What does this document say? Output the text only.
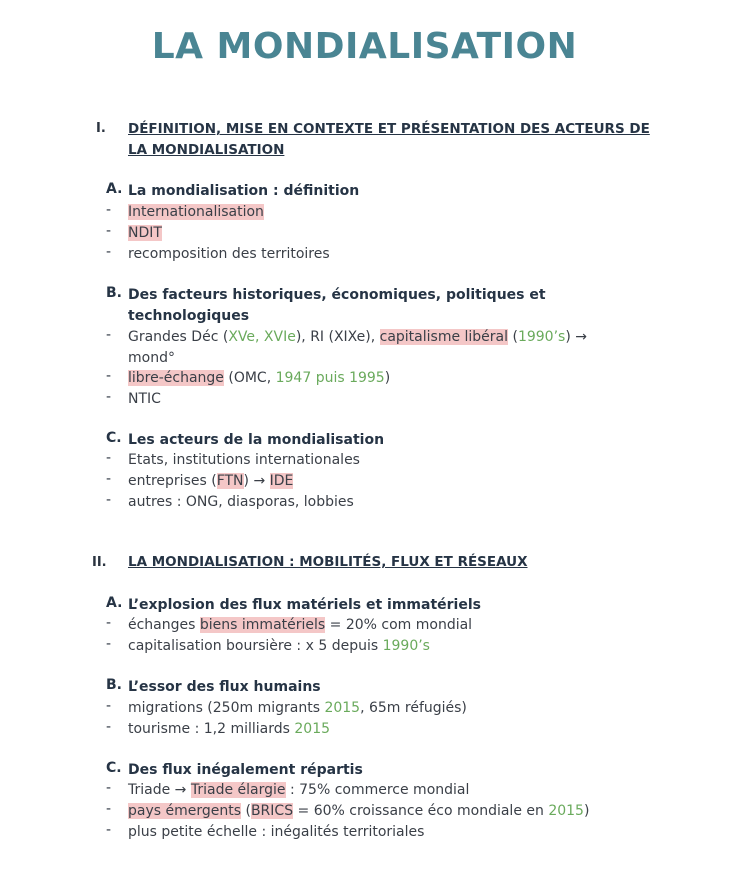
LA MONDIALISATION
I. DÉFINITION, MISE EN CONTEXTE ET PRÉSENTATION DES ACTEURS DE LA MONDIALISATION
A. La mondialisation : définition
- Internationalisation
- NDIT
- recomposition des territoires
B. Des facteurs historiques, économiques, politiques et technologiques
- Grandes Déc (XVe, XVIe), RI (XIXe), capitalisme libéral (1990’s) → mond°
- libre-échange (OMC, 1947 puis 1995)
- NTIC
C. Les acteurs de la mondialisation
- Etats, institutions internationales
- entreprises (FTN) → IDE
- autres : ONG, diasporas, lobbies
II. LA MONDIALISATION : MOBILITÉS, FLUX ET RÉSEAUX
A. L’explosion des flux matériels et immatériels
- échanges biens immatériels = 20% com mondial
- capitalisation boursière : x 5 depuis 1990’s
B. L’essor des flux humains
- migrations (250m migrants 2015, 65m réfugiés)
- tourisme : 1,2 milliards 2015
C. Des flux inégalement répartis
- Triade → Triade élargie : 75% commerce mondial
- pays émergents (BRICS = 60% croissance éco mondiale en 2015)
- plus petite échelle : inégalités territoriales
